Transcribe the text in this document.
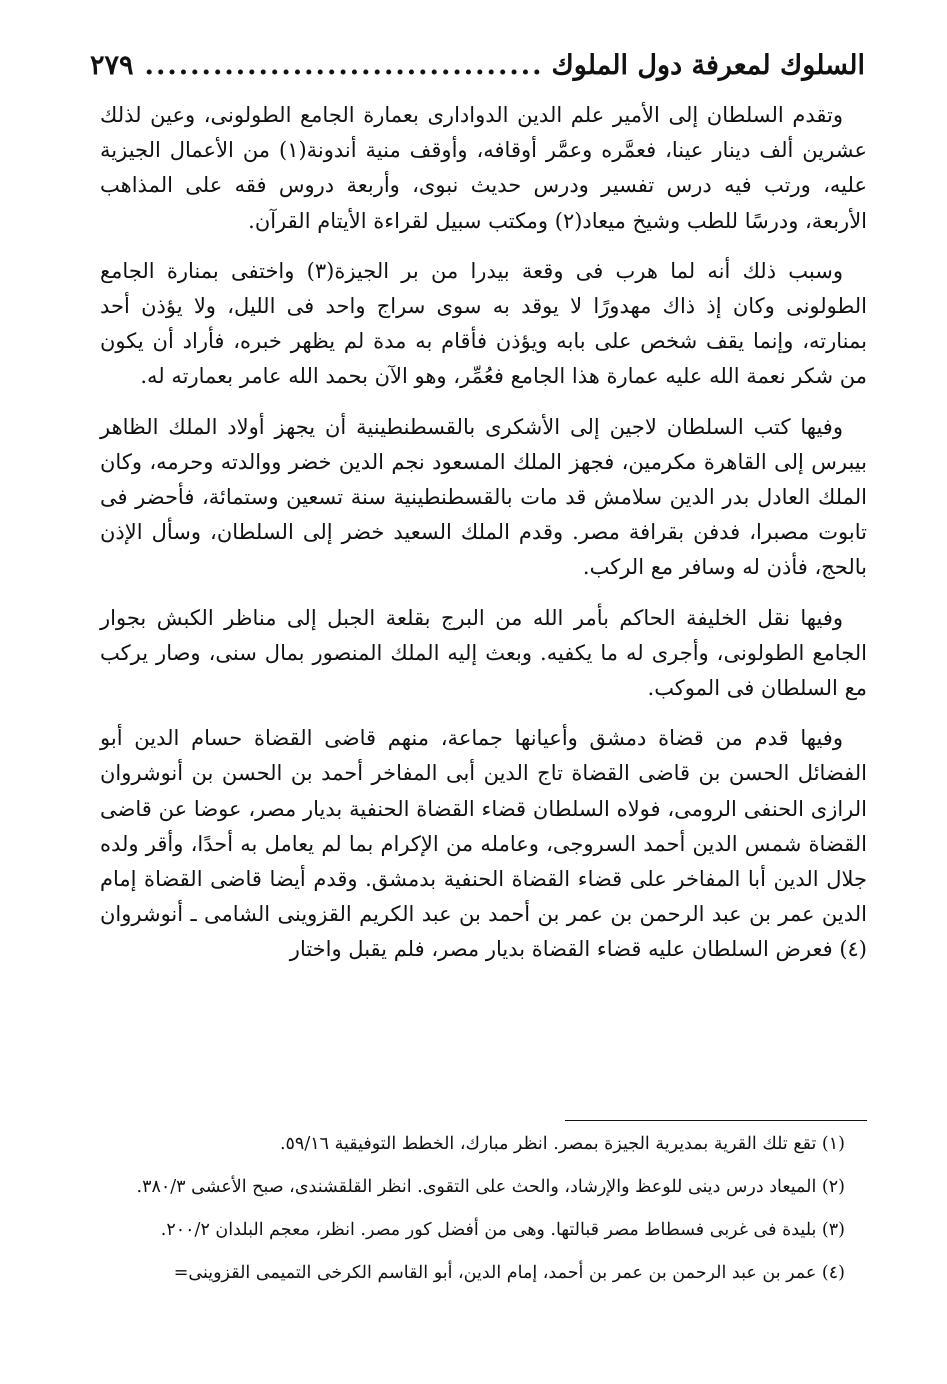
السلوك لمعرفة دول الملوك
.....
٢٧٩

وتقدم السلطان إلى الأمير علم الدين الدوادارى بعمارة الجامع الطولونى، وعين لذلك عشرين ألف دينار عينا، فعمَّره وعمَّر أوقافه، وأوقف منية أندونة(١) من الأعمال الجيزية عليه، ورتب فيه درس تفسير ودرس حديث نبوى، وأربعة دروس فقه على المذاهب الأربعة، ودرسًا للطب وشيخ ميعاد(٢) ومكتب سبيل لقراءة الأيتام القرآن.

وسبب ذلك أنه لما هرب فى وقعة بيدرا من بر الجيزة(٣) واختفى بمنارة الجامع الطولونى وكان إذ ذاك مهدورًا لا يوقد به سوى سراج واحد فى الليل، ولا يؤذن أحد بمنارته، وإنما يقف شخص على بابه ويؤذن فأقام به مدة لم يظهر خبره، فأراد أن يكون من شكر نعمة الله عليه عمارة هذا الجامع فعُمِّر، وهو الآن بحمد الله عامر بعمارته له.

وفيها كتب السلطان لاجين إلى الأشكرى بالقسطنطينية أن يجهز أولاد الملك الظاهر بيبرس إلى القاهرة مكرمين، فجهز الملك المسعود نجم الدين خضر ووالدته وحرمه، وكان الملك العادل بدر الدين سلامش قد مات بالقسطنطينية سنة تسعين وستمائة، فأحضر فى تابوت مصبرا، فدفن بقرافة مصر. وقدم الملك السعيد خضر إلى السلطان، وسأل الإذن بالحج، فأذن له وسافر مع الركب.

وفيها نقل الخليفة الحاكم بأمر الله من البرج بقلعة الجبل إلى مناظر الكبش بجوار الجامع الطولونى، وأجرى له ما يكفيه. وبعث إليه الملك المنصور بمال سنى، وصار يركب مع السلطان فى الموكب.

وفيها قدم من قضاة دمشق وأعيانها جماعة، منهم قاضى القضاة حسام الدين أبو الفضائل الحسن بن قاضى القضاة تاج الدين أبى المفاخر أحمد بن الحسن بن أنوشروان الرازى الحنفى الرومى، فولاه السلطان قضاء القضاة الحنفية بديار مصر، عوضا عن قاضى القضاة شمس الدين أحمد السروجى، وعامله من الإكرام بما لم يعامل به أحدًا، وأقر ولده جلال الدين أبا المفاخر على قضاء القضاة الحنفية بدمشق. وقدم أيضا قاضى القضاة إمام الدين عمر بن عبد الرحمن بن عمر بن أحمد بن عبد الكريم القزوينى الشامى ـ أنوشروان (٤) فعرض السلطان عليه قضاء القضاة بديار مصر، فلم يقبل واختار

(١) تقع تلك القرية بمديرية الجيزة بمصر. انظر مبارك، الخطط التوفيقية ٥٩/١٦.
(٢) الميعاد درس دينى للوعظ والإرشاد، والحث على التقوى. انظر القلقشندى، صبح الأعشى ٣٨٠/٣.
(٣) بليدة فى غربى فسطاط مصر قبالتها. وهى من أفضل كور مصر. انظر، معجم البلدان ٢٠٠/٢.
(٤) عمر بن عبد الرحمن بن عمر بن أحمد، إمام الدين، أبو القاسم الكرخى التميمى القزوينى=
